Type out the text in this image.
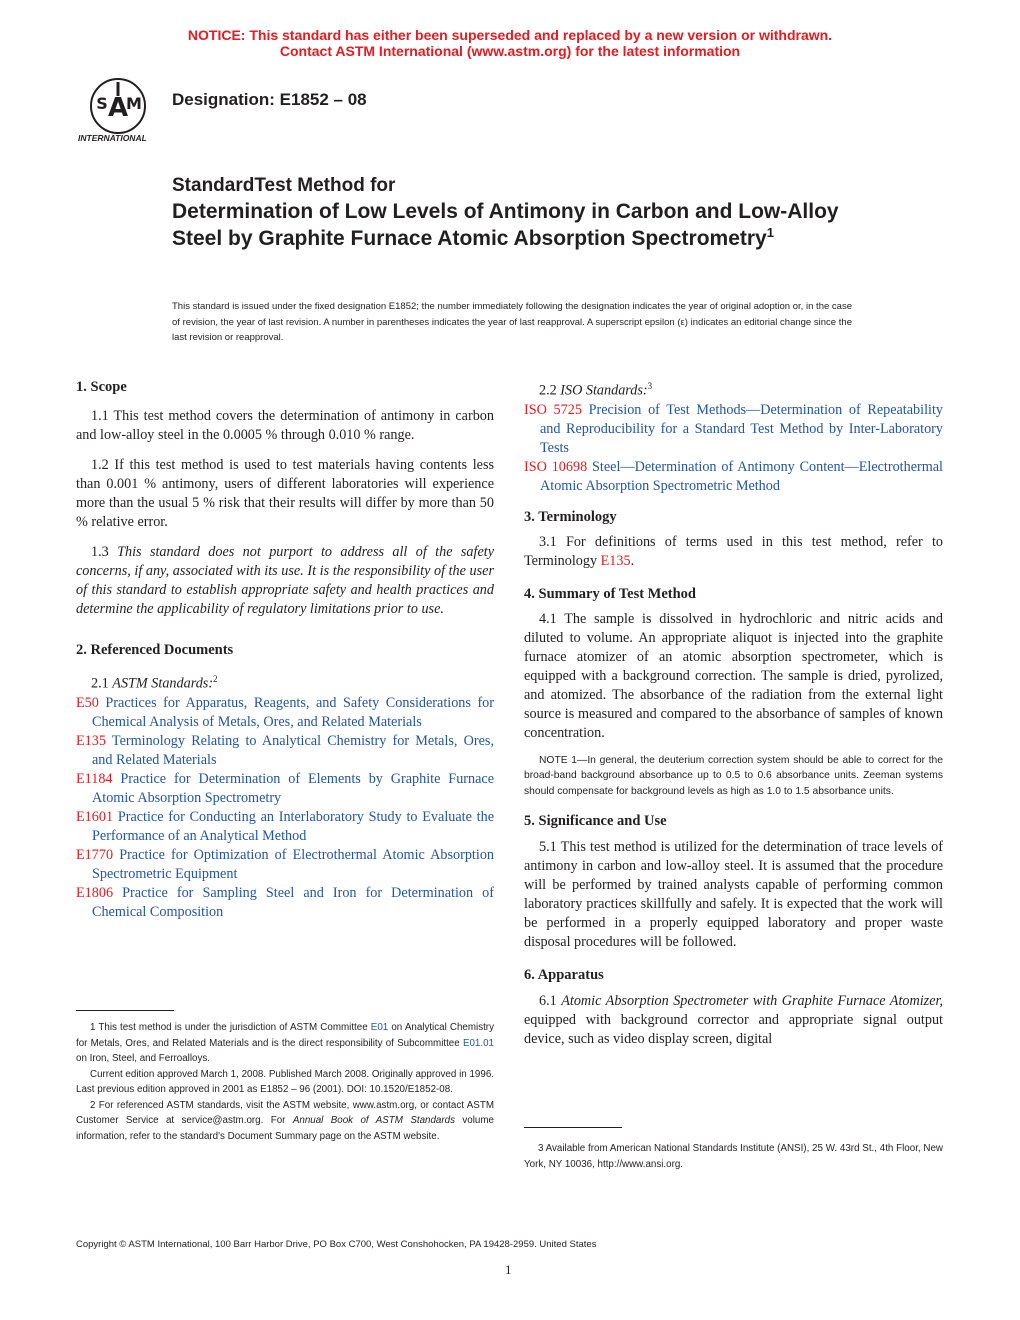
NOTICE: This standard has either been superseded and replaced by a new version or withdrawn.
Contact ASTM International (www.astm.org) for the latest information
A
S M
INTERNATIONAL
Designation: E1852 – 08
StandardTest Method for

Determination of Low Levels of Antimony in Carbon and Low-Alloy Steel by Graphite Furnace Atomic Absorption Spectrometry$^1$

This standard is issued under the fixed designation E1852; the number immediately following the designation indicates the year of original adoption or, in the case of revision, the year of last revision. A number in parentheses indicates the year of last reapproval. A superscript epsilon (ε) indicates an editorial change since the last revision or reapproval.

1. Scope

1.1 This test method covers the determination of antimony in carbon and low-alloy steel in the 0.0005 % through 0.010 % range.

1.2 If this test method is used to test materials having contents less than 0.001 % antimony, users of different laboratories will experience more than the usual 5 % risk that their results will differ by more than 50 % relative error.

1.3 This standard does not purport to address all of the safety concerns, if any, associated with its use. It is the responsibility of the user of this standard to establish appropriate safety and health practices and determine the applicability of regulatory limitations prior to use.

2. Referenced Documents

2.1 ASTM Standards:$^2$

E50 Practices for Apparatus, Reagents, and Safety Considerations for Chemical Analysis of Metals, Ores, and Related Materials

E135 Terminology Relating to Analytical Chemistry for Metals, Ores, and Related Materials

E1184 Practice for Determination of Elements by Graphite Furnace Atomic Absorption Spectrometry

E1601 Practice for Conducting an Interlaboratory Study to Evaluate the Performance of an Analytical Method

E1770 Practice for Optimization of Electrothermal Atomic Absorption Spectrometric Equipment

E1806 Practice for Sampling Steel and Iron for Determination of Chemical Composition

1 This test method is under the jurisdiction of ASTM Committee E01 on Analytical Chemistry for Metals, Ores, and Related Materials and is the direct responsibility of Subcommittee E01.01 on Iron, Steel, and Ferroalloys.

Current edition approved March 1, 2008. Published March 2008. Originally approved in 1996. Last previous edition approved in 2001 as E1852 – 96 (2001). DOI: 10.1520/E1852-08.

2 For referenced ASTM standards, visit the ASTM website, www.astm.org, or contact ASTM Customer Service at service@astm.org. For Annual Book of ASTM Standards volume information, refer to the standard's Document Summary page on the ASTM website.

2.2 ISO Standards:$^3$

ISO 5725 Precision of Test Methods—Determination of Repeatability and Reproducibility for a Standard Test Method by Inter-Laboratory Tests

ISO 10698 Steel—Determination of Antimony Content—Electrothermal Atomic Absorption Spectrometric Method

3. Terminology

3.1 For definitions of terms used in this test method, refer to Terminology E135.

4. Summary of Test Method

4.1 The sample is dissolved in hydrochloric and nitric acids and diluted to volume. An appropriate aliquot is injected into the graphite furnace atomizer of an atomic absorption spectrometer, which is equipped with a background correction. The sample is dried, pyrolized, and atomized. The absorbance of the radiation from the external light source is measured and compared to the absorbance of samples of known concentration.

NOTE 1—In general, the deuterium correction system should be able to correct for the broad-band background absorbance up to 0.5 to 0.6 absorbance units. Zeeman systems should compensate for background levels as high as 1.0 to 1.5 absorbance units.

5. Significance and Use

5.1 This test method is utilized for the determination of trace levels of antimony in carbon and low-alloy steel. It is assumed that the procedure will be performed by trained analysts capable of performing common laboratory practices skillfully and safely. It is expected that the work will be performed in a properly equipped laboratory and proper waste disposal procedures will be followed.

6. Apparatus

6.1 Atomic Absorption Spectrometer with Graphite Furnace Atomizer, equipped with background corrector and appropriate signal output device, such as video display screen, digital

3 Available from American National Standards Institute (ANSI), 25 W. 43rd St., 4th Floor, New York, NY 10036, http://www.ansi.org.

Copyright © ASTM International, 100 Barr Harbor Drive, PO Box C700, West Conshohocken, PA 19428-2959. United States
1
